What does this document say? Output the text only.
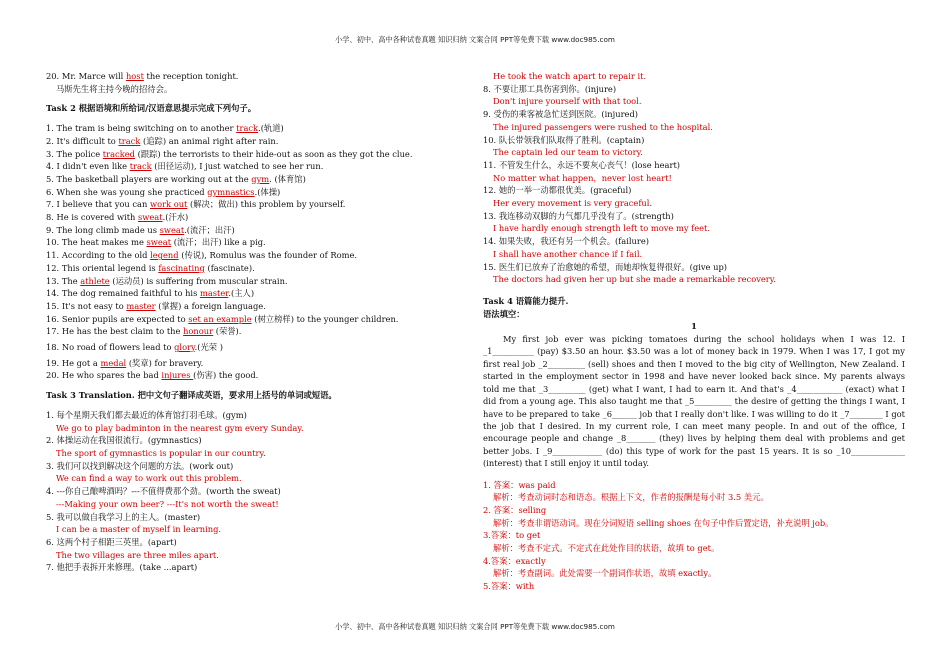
小学、初中、高中各种试卷真题 知识归纳 文案合同 PPT等免费下载 www.doc985.com
20. Mr. Marce will host the reception tonight.
马斯先生将主持今晚的招待会。
Task 2 根据语境和所给词/汉语意思提示完成下列句子。
1. The tram is being switching on to another track.(轨道)
2. It's difficult to track (追踪) an animal right after rain.
3. The police tracked (跟踪) the terrorists to their hide-out as soon as they got the clue.
4. I didn't even like track (田径运动), I just watched to see her run.
5. The basketball players are working out at the gym. (体育馆)
6. When she was young she practiced gymnastics.(体操)
7. I believe that you can work out (解决；做出) this problem by yourself.
8. He is covered with sweat.(汗水)
9. The long climb made us sweat.(流汗；出汗)
10. The heat makes me sweat (流汗；出汗) like a pig.
11. According to the old legend (传说), Romulus was the founder of Rome.
12. This oriental legend is fascinating (fascinate).
13. The athlete (运动员) is suffering from muscular strain.
14. The dog remained faithful to his master.(主人)
15. It's not easy to master (掌握) a foreign language.
16. Senior pupils are expected to set an example (树立榜样) to the younger children.
17. He has the best claim to the honour (荣誉).
18. No road of flowers lead to glory.(光荣 )
19. He got a medal (奖章) for bravery.
20. He who spares the bad injures (伤害) the good.
Task 3 Translation. 把中文句子翻译成英语，要求用上括号的单词或短语。
1. 每个星期天我们都去最近的体育馆打羽毛球。(gym)
We go to play badminton in the nearest gym every Sunday.
2. 体操运动在我国很流行。(gymnastics)
The sport of gymnastics is popular in our country.
3. 我们可以找到解决这个问题的方法。(work out)
We can find a way to work out this problem.
4. ---你自己酿啤酒吗？---不值得费那个劲。(worth the sweat)
---Making your own beer? ---It's not worth the sweat!
5. 我可以做自我学习上的主人。(master)
I can be a master of myself in learning.
6. 这两个村子相距三英里。(apart)
The two villages are three miles apart.
7. 他把手表拆开来修理。(take ...apart)
He took the watch apart to repair it.
8. 不要让那工具伤害到你。(injure)
Don't injure yourself with that tool.
9. 受伤的乘客被急忙送到医院。(injured)
The injured passengers were rushed to the hospital.
10. 队长带领我们队取得了胜利。(captain)
The captain led our team to victory.
11. 不管发生什么，永远不要灰心丧气！(lose heart)
No matter what happen，never lost heart!
12. 她的一举一动都很优美。(graceful)
Her every movement is very graceful.
13. 我连移动双脚的力气都几乎没有了。(strength)
I have hardly enough strength left to move my feet.
14. 如果失败，我还有另一个机会。(failure)
I shall have another chance if I fail.
15. 医生们已放弃了治愈她的希望，而她却恢复得很好。(give up)
The doctors had given her up but she made a remarkable recovery.
Task 4 语篇能力提升.
语法填空：
1
My first job ever was picking tomatoes during the school holidays when I was 12. I _1__________ (pay) $3.50 an hour. $3.50 was a lot of money back in 1979. When I was 17, I got my first real job _2_________ (sell) shoes and then I moved to the big city of Wellington, New Zealand. I started in the employment sector in 1998 and have never looked back since. My parents always told me that _3_________ (get) what I want, I had to earn it. And that's _4___________ (exact) what I did from a young age. This also taught me that _5_________ the desire of getting the things I want, I have to be prepared to take _6______ job that I really don't like. I was willing to do it _7________ I got the job that I desired. In my current role, I can meet many people. In and out of the office, I encourage people and change _8_______ (they) lives by helping them deal with problems and get better jobs. I _9____________ (do) this type of work for the past 15 years. It is so _10_____________ (interest) that I still enjoy it until today.
1. 答案：was paid
解析：考查动词时态和语态。根据上下文，作者的报酬是每小时 3.5 美元。
2. 答案：selling
解析：考查非谓语动词。现在分词短语 selling shoes 在句子中作后置定语，补充说明 job。
3.答案：to get
解析：考查不定式。不定式在此处作目的状语，故填 to get。
4.答案：exactly
解析：考查副词。此处需要一个副词作状语，故填 exactly。
5.答案：with
小学、初中、高中各种试卷真题 知识归纳 文案合同 PPT等免费下载 www.doc985.com
